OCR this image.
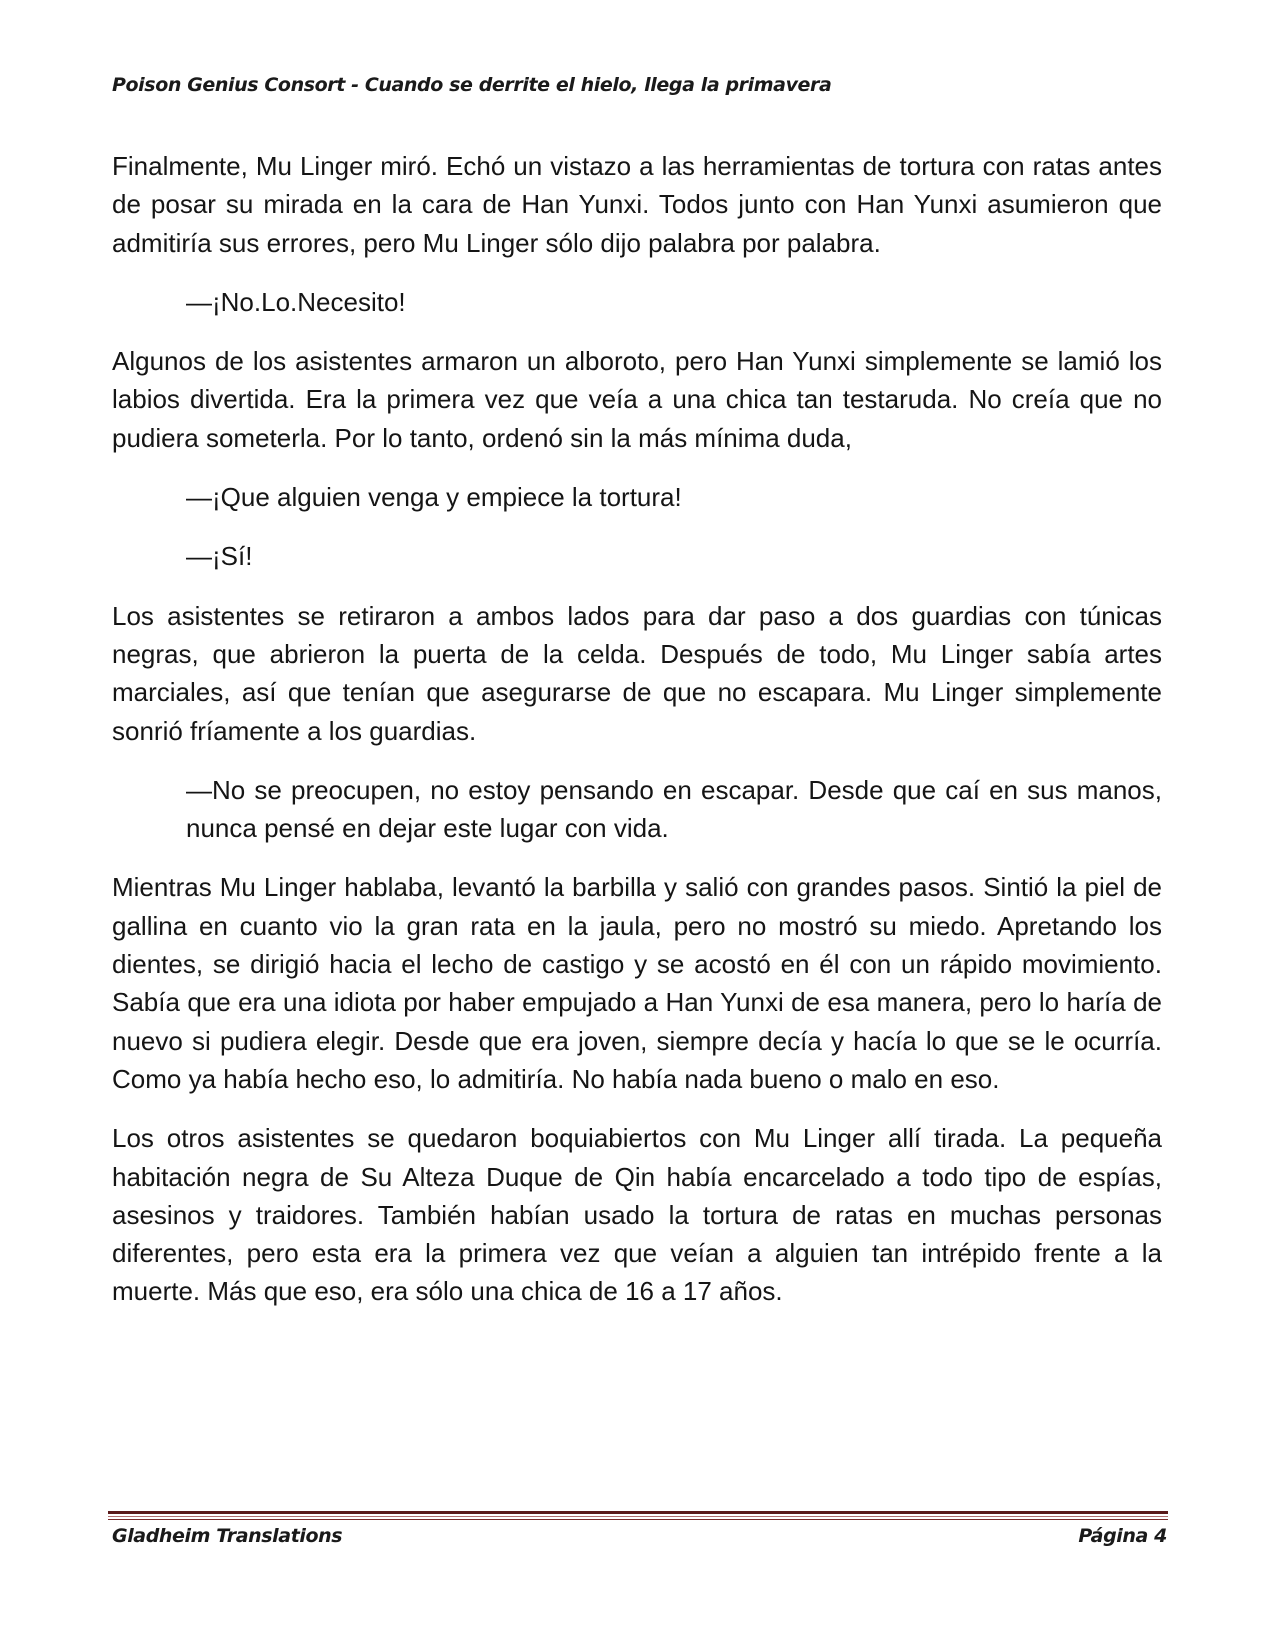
Poison Genius Consort - Cuando se derrite el hielo, llega la primavera

Finalmente, Mu Linger miró. Echó un vistazo a las herramientas de tortura con ratas antes de posar su mirada en la cara de Han Yunxi. Todos junto con Han Yunxi asumieron que admitiría sus errores, pero Mu Linger sólo dijo palabra por palabra.

—¡No.Lo.Necesito!

Algunos de los asistentes armaron un alboroto, pero Han Yunxi simplemente se lamió los labios divertida. Era la primera vez que veía a una chica tan testaruda. No creía que no pudiera someterla. Por lo tanto, ordenó sin la más mínima duda,

—¡Que alguien venga y empiece la tortura!

—¡Sí!

Los asistentes se retiraron a ambos lados para dar paso a dos guardias con túnicas negras, que abrieron la puerta de la celda. Después de todo, Mu Linger sabía artes marciales, así que tenían que asegurarse de que no escapara. Mu Linger simplemente sonrió fríamente a los guardias.

—No se preocupen, no estoy pensando en escapar. Desde que caí en sus manos, nunca pensé en dejar este lugar con vida.

Mientras Mu Linger hablaba, levantó la barbilla y salió con grandes pasos. Sintió la piel de gallina en cuanto vio la gran rata en la jaula, pero no mostró su miedo. Apretando los dientes, se dirigió hacia el lecho de castigo y se acostó en él con un rápido movimiento. Sabía que era una idiota por haber empujado a Han Yunxi de esa manera, pero lo haría de nuevo si pudiera elegir. Desde que era joven, siempre decía y hacía lo que se le ocurría. Como ya había hecho eso, lo admitiría. No había nada bueno o malo en eso.

Los otros asistentes se quedaron boquiabiertos con Mu Linger allí tirada. La pequeña habitación negra de Su Alteza Duque de Qin había encarcelado a todo tipo de espías, asesinos y traidores. También habían usado la tortura de ratas en muchas personas diferentes, pero esta era la primera vez que veían a alguien tan intrépido frente a la muerte. Más que eso, era sólo una chica de 16 a 17 años.

Gladheim Translations	Página 4
